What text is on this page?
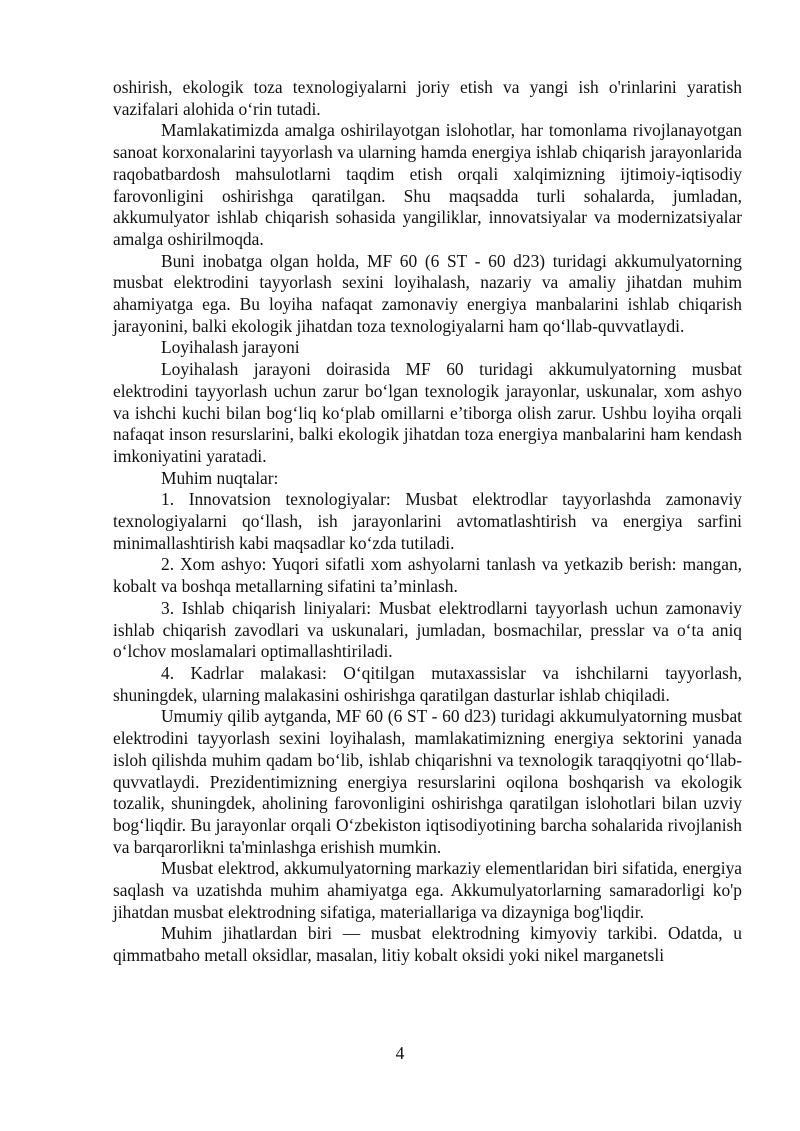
oshirish, ekologik toza texnologiyalarni joriy etish va yangi ish o'rinlarini yaratish vazifalari alohida o‘rin tutadi.

Mamlakatimizda amalga oshirilayotgan islohotlar, har tomonlama rivojlanayotgan sanoat korxonalarini tayyorlash va ularning hamda energiya ishlab chiqarish jarayonlarida raqobatbardosh mahsulotlarni taqdim etish orqali xalqimizning ijtimoiy-iqtisodiy farovonligini oshirishga qaratilgan. Shu maqsadda turli sohalarda, jumladan, akkumulyator ishlab chiqarish sohasida yangiliklar, innovatsiyalar va modernizatsiyalar amalga oshirilmoqda.

Buni inobatga olgan holda, MF 60 (6 ST - 60 d23) turidagi akkumulyatorning musbat elektrodini tayyorlash sexini loyihalash, nazariy va amaliy jihatdan muhim ahamiyatga ega. Bu loyiha nafaqat zamonaviy energiya manbalarini ishlab chiqarish jarayonini, balki ekologik jihatdan toza texnologiyalarni ham qo‘llab-quvvatlaydi.

Loyihalash jarayoni

Loyihalash jarayoni doirasida MF 60 turidagi akkumulyatorning musbat elektrodini tayyorlash uchun zarur bo‘lgan texnologik jarayonlar, uskunalar, xom ashyo va ishchi kuchi bilan bog‘liq ko‘plab omillarni e’tiborga olish zarur. Ushbu loyiha orqali nafaqat inson resurslarini, balki ekologik jihatdan toza energiya manbalarini ham kendash imkoniyatini yaratadi.

Muhim nuqtalar:

1. Innovatsion texnologiyalar: Musbat elektrodlar tayyorlashda zamonaviy texnologiyalarni qo‘llash, ish jarayonlarini avtomatlashtirish va energiya sarfini minimallashtirish kabi maqsadlar ko‘zda tutiladi.

2. Xom ashyo: Yuqori sifatli xom ashyolarni tanlash va yetkazib berish: mangan, kobalt va boshqa metallarning sifatini ta’minlash.

3. Ishlab chiqarish liniyalari: Musbat elektrodlarni tayyorlash uchun zamonaviy ishlab chiqarish zavodlari va uskunalari, jumladan, bosmachilar, presslar va o‘ta aniq o‘lchov moslamalari optimallashtiriladi.

4. Kadrlar malakasi: O‘qitilgan mutaxassislar va ishchilarni tayyorlash, shuningdek, ularning malakasini oshirishga qaratilgan dasturlar ishlab chiqiladi.

Umumiy qilib aytganda, MF 60 (6 ST - 60 d23) turidagi akkumulyatorning musbat elektrodini tayyorlash sexini loyihalash, mamlakatimizning energiya sektorini yanada isloh qilishda muhim qadam bo‘lib, ishlab chiqarishni va texnologik taraqqiyotni qo‘llab-quvvatlaydi. Prezidentimizning energiya resurslarini oqilona boshqarish va ekologik tozalik, shuningdek, aholining farovonligini oshirishga qaratilgan islohotlari bilan uzviy bog‘liqdir. Bu jarayonlar orqali O‘zbekiston iqtisodiyotining barcha sohalarida rivojlanish va barqarorlikni ta'minlashga erishish mumkin.

Musbat elektrod, akkumulyatorning markaziy elementlaridan biri sifatida, energiya saqlash va uzatishda muhim ahamiyatga ega. Akkumulyatorlarning samaradorligi ko'p jihatdan musbat elektrodning sifatiga, materiallariga va dizayniga bog'liqdir.

Muhim jihatlardan biri — musbat elektrodning kimyoviy tarkibi. Odatda, u qimmatbaho metall oksidlar, masalan, litiy kobalt oksidi yoki nikel marganetsli

4
